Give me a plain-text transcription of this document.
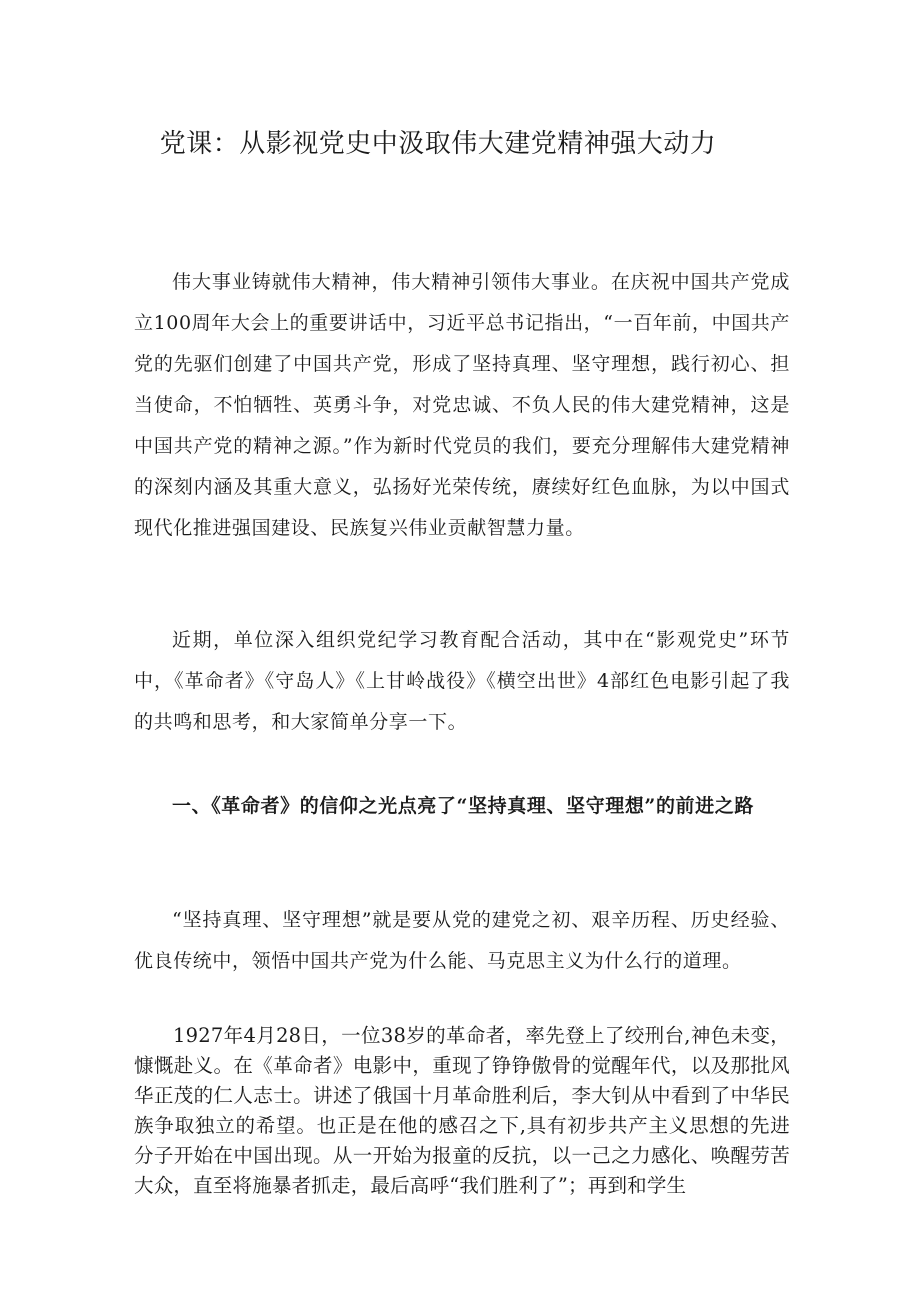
党课：从影视党史中汲取伟大建党精神强大动力

伟大事业铸就伟大精神，伟大精神引领伟大事业。在庆祝中国共产党成立100周年大会上的重要讲话中，习近平总书记指出，“一百年前，中国共产党的先驱们创建了中国共产党，形成了坚持真理、坚守理想，践行初心、担当使命，不怕牺牲、英勇斗争，对党忠诚、不负人民的伟大建党精神，这是中国共产党的精神之源。”作为新时代党员的我们，要充分理解伟大建党精神的深刻内涵及其重大意义，弘扬好光荣传统，赓续好红色血脉，为以中国式现代化推进强国建设、民族复兴伟业贡献智慧力量。

近期，单位深入组织党纪学习教育配合活动，其中在“影观党史”环节中，《革命者》《守岛人》《上甘岭战役》《横空出世》4部红色电影引起了我的共鸣和思考，和大家简单分享一下。

一、《革命者》的信仰之光点亮了“坚持真理、坚守理想”的前进之路

“坚持真理、坚守理想”就是要从党的建党之初、艰辛历程、历史经验、优良传统中，领悟中国共产党为什么能、马克思主义为什么行的道理。

1927年4月28日，一位38岁的革命者，率先登上了绞刑台,神色未变，慷慨赴义。在《革命者》电影中，重现了铮铮傲骨的觉醒年代，以及那批风华正茂的仁人志士。讲述了俄国十月革命胜利后，李大钊从中看到了中华民族争取独立的希望。也正是在他的感召之下,具有初步共产主义思想的先进分子开始在中国出现。从一开始为报童的反抗，以一己之力感化、唤醒劳苦大众，直至将施暴者抓走，最后高呼“我们胜利了”；再到和学生
